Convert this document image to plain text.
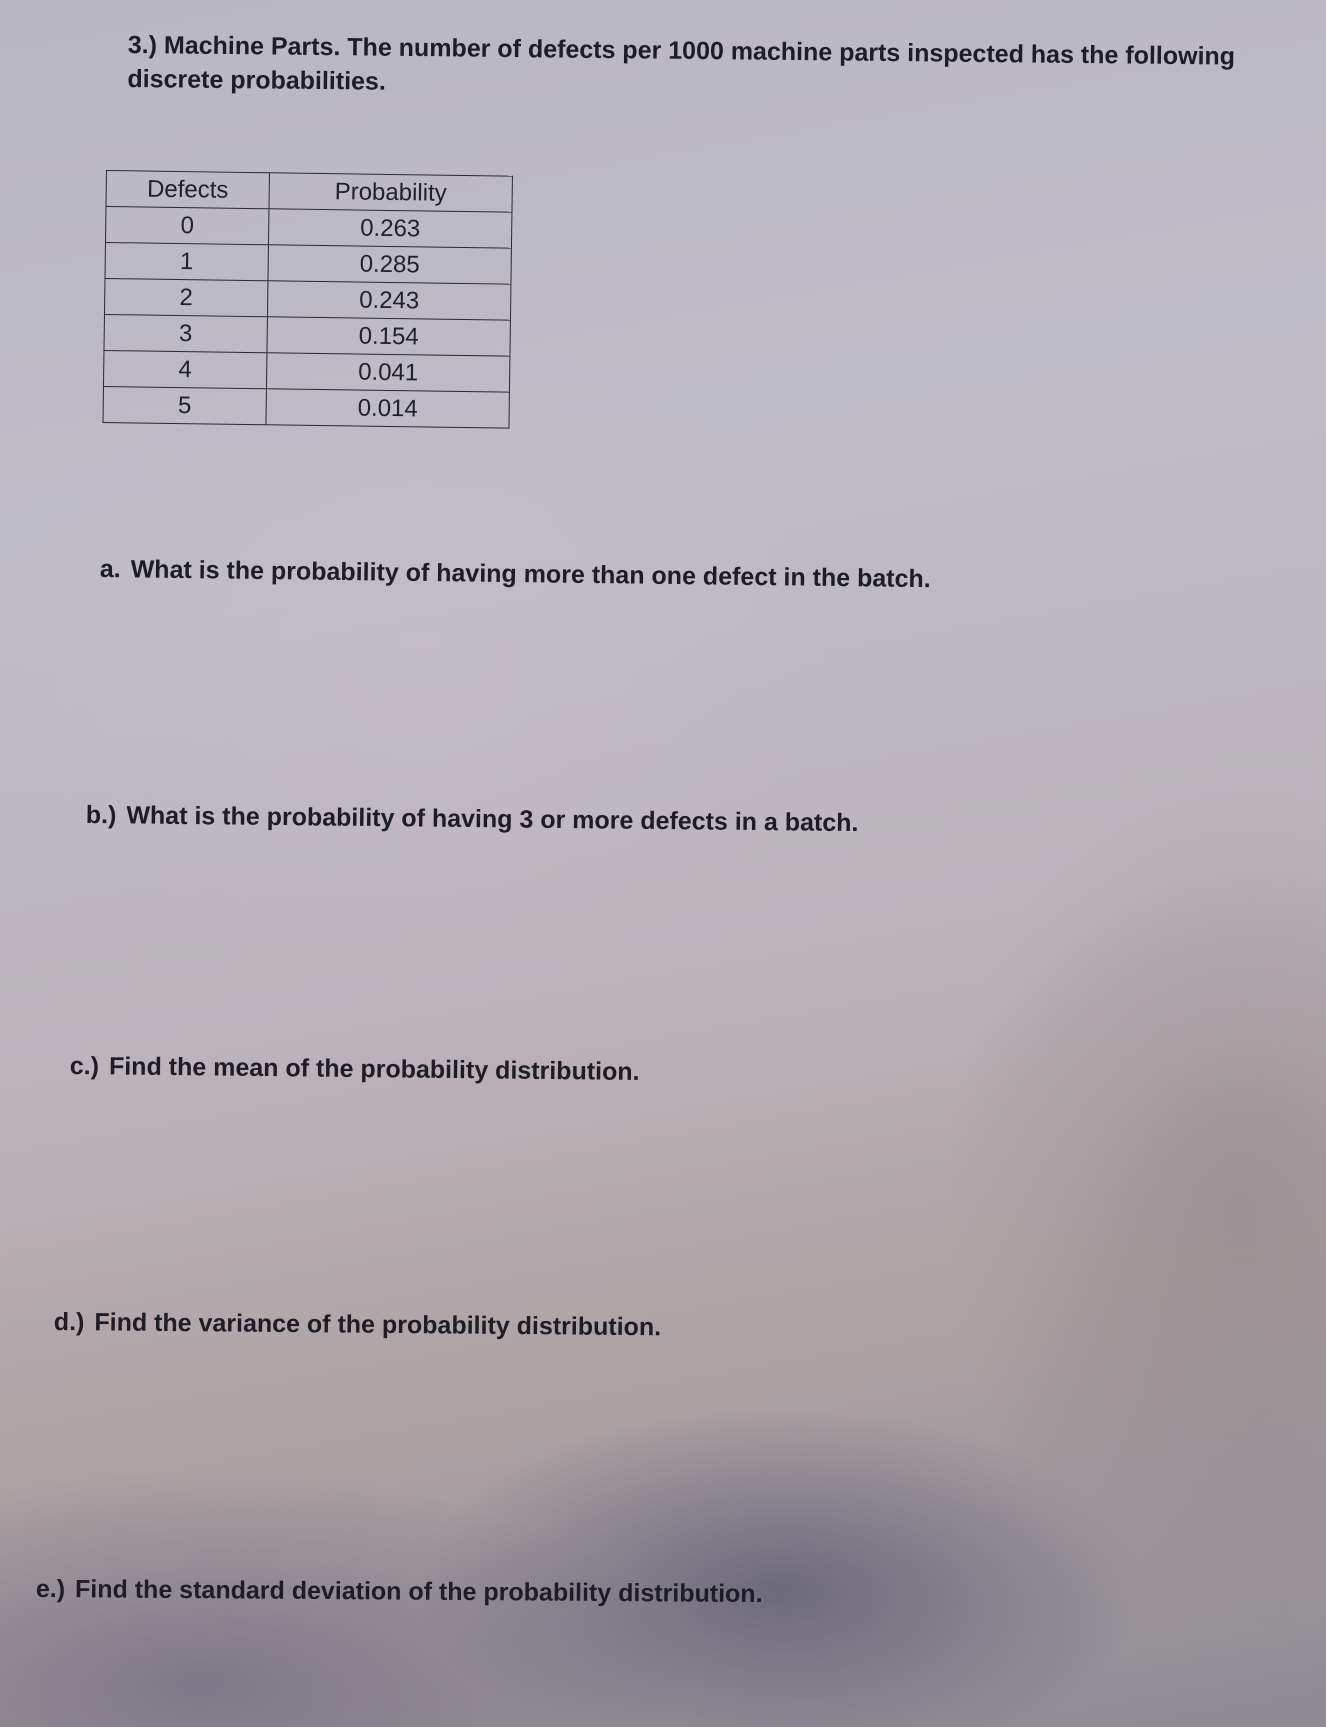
3.) Machine Parts. The number of defects per 1000 machine parts inspected has the following
discrete probabilities.
Defects	Probability
0	0.263
1	0.285
2	0.243
3	0.154
4	0.041
5	0.014
a. What is the probability of having more than one defect in the batch.
b.) What is the probability of having 3 or more defects in a batch.
c.) Find the mean of the probability distribution.
d.) Find the variance of the probability distribution.
e.) Find the standard deviation of the probability distribution.
